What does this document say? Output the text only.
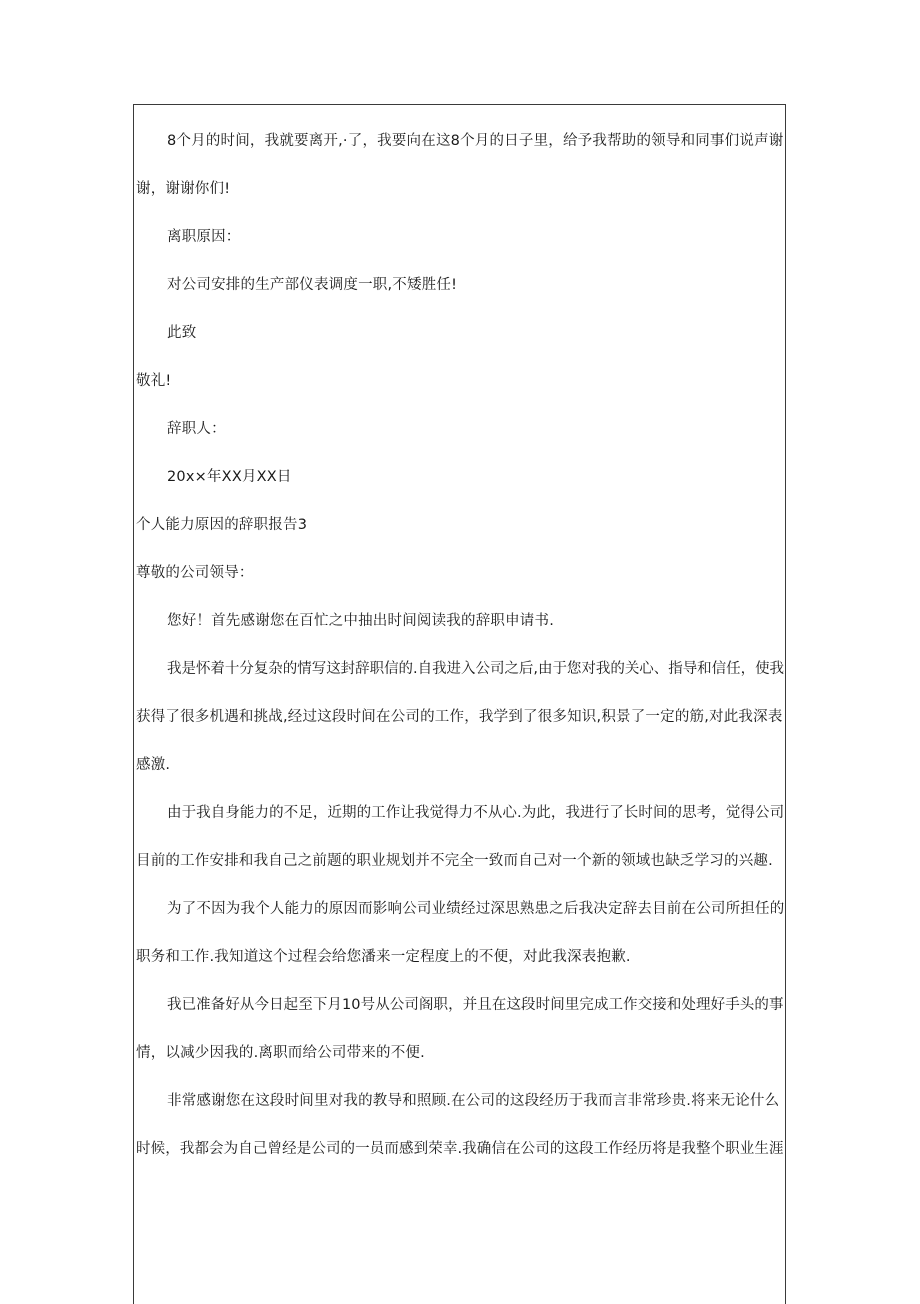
8个月的时间，我就要离开,·了，我要向在这8个月的日子里，给予我帮助的领导和同事们说声谢
谢，谢谢你们!
离职原因：
对公司安排的生产部仪表调度一职,不矮胜任!
此致
敬礼!
辞职人：
20x×年XX月XX日
个人能力原因的辞职报告3
尊敬的公司领导：
您好！首先感谢您在百忙之中抽出时间阅读我的辞职申请书.
我是怀着十分复杂的情写这封辞职信的.自我进入公司之后,由于您对我的关心、指导和信任，使我
获得了很多机遇和挑战,经过这段时间在公司的工作，我学到了很多知识,积景了一定的筋,对此我深表
感激.
由于我自身能力的不足，近期的工作让我觉得力不从心.为此，我进行了长时间的思考，觉得公司
目前的工作安排和我自己之前题的职业规划并不完全一致而自己对一个新的领域也缺乏学习的兴趣.
为了不因为我个人能力的原因而影响公司业绩经过深思熟患之后我决定辞去目前在公司所担任的
职务和工作.我知道这个过程会给您潘来一定程度上的不便，对此我深表抱歉.
我已准备好从今日起至下月10号从公司阁职，并且在这段时间里完成工作交接和处理好手头的事
情，以减少因我的.离职而给公司带来的不便.
非常感谢您在这段时间里对我的教导和照顾.在公司的这段经历于我而言非常珍贵.将来无论什么
时候，我都会为自己曾经是公司的一员而感到荣幸.我确信在公司的这段工作经历将是我整个职业生涯
